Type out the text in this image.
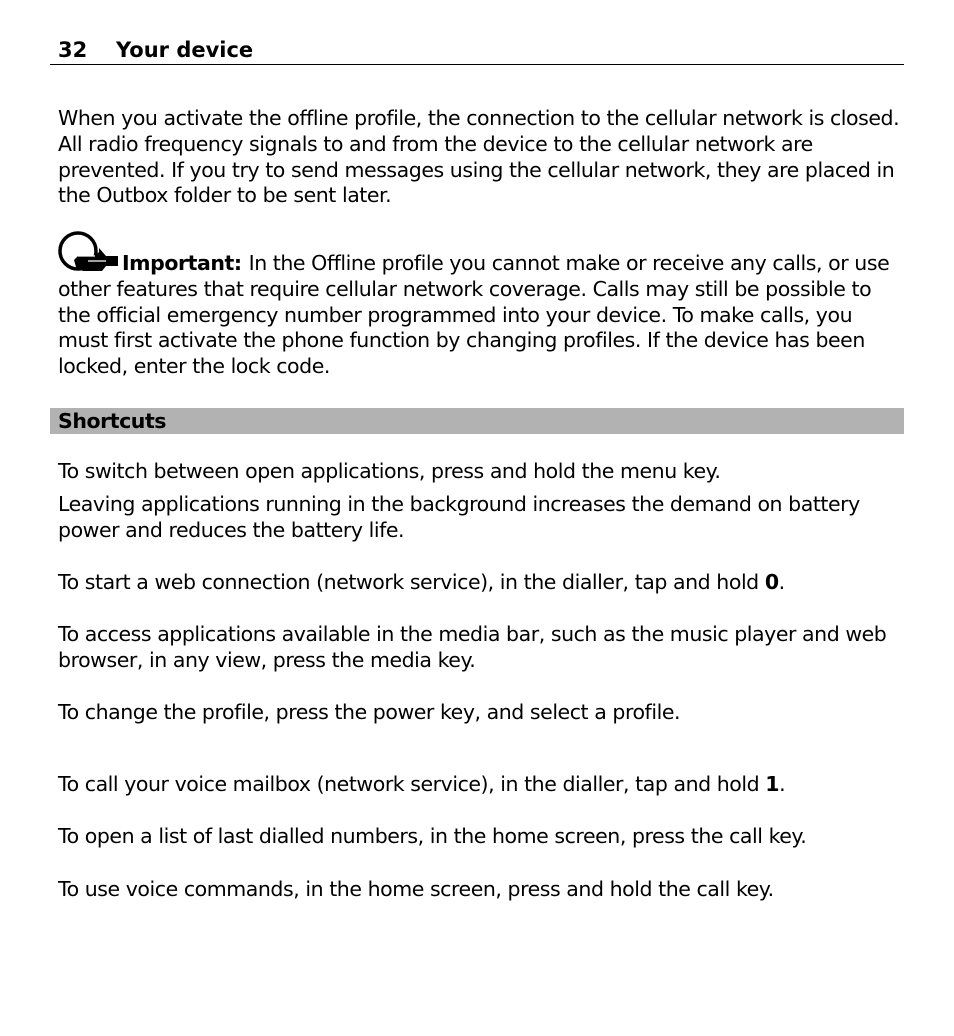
32 Your device

When you activate the offline profile, the connection to the cellular network is closed. All radio frequency signals to and from the device to the cellular network are prevented. If you try to send messages using the cellular network, they are placed in the Outbox folder to be sent later.

Important: In the Offline profile you cannot make or receive any calls, or use other features that require cellular network coverage. Calls may still be possible to the official emergency number programmed into your device. To make calls, you must first activate the phone function by changing profiles. If the device has been locked, enter the lock code.

Shortcuts

To switch between open applications, press and hold the menu key.

Leaving applications running in the background increases the demand on battery power and reduces the battery life.

To start a web connection (network service), in the dialler, tap and hold 0.

To access applications available in the media bar, such as the music player and web browser, in any view, press the media key.

To change the profile, press the power key, and select a profile.

To call your voice mailbox (network service), in the dialler, tap and hold 1.

To open a list of last dialled numbers, in the home screen, press the call key.

To use voice commands, in the home screen, press and hold the call key.
